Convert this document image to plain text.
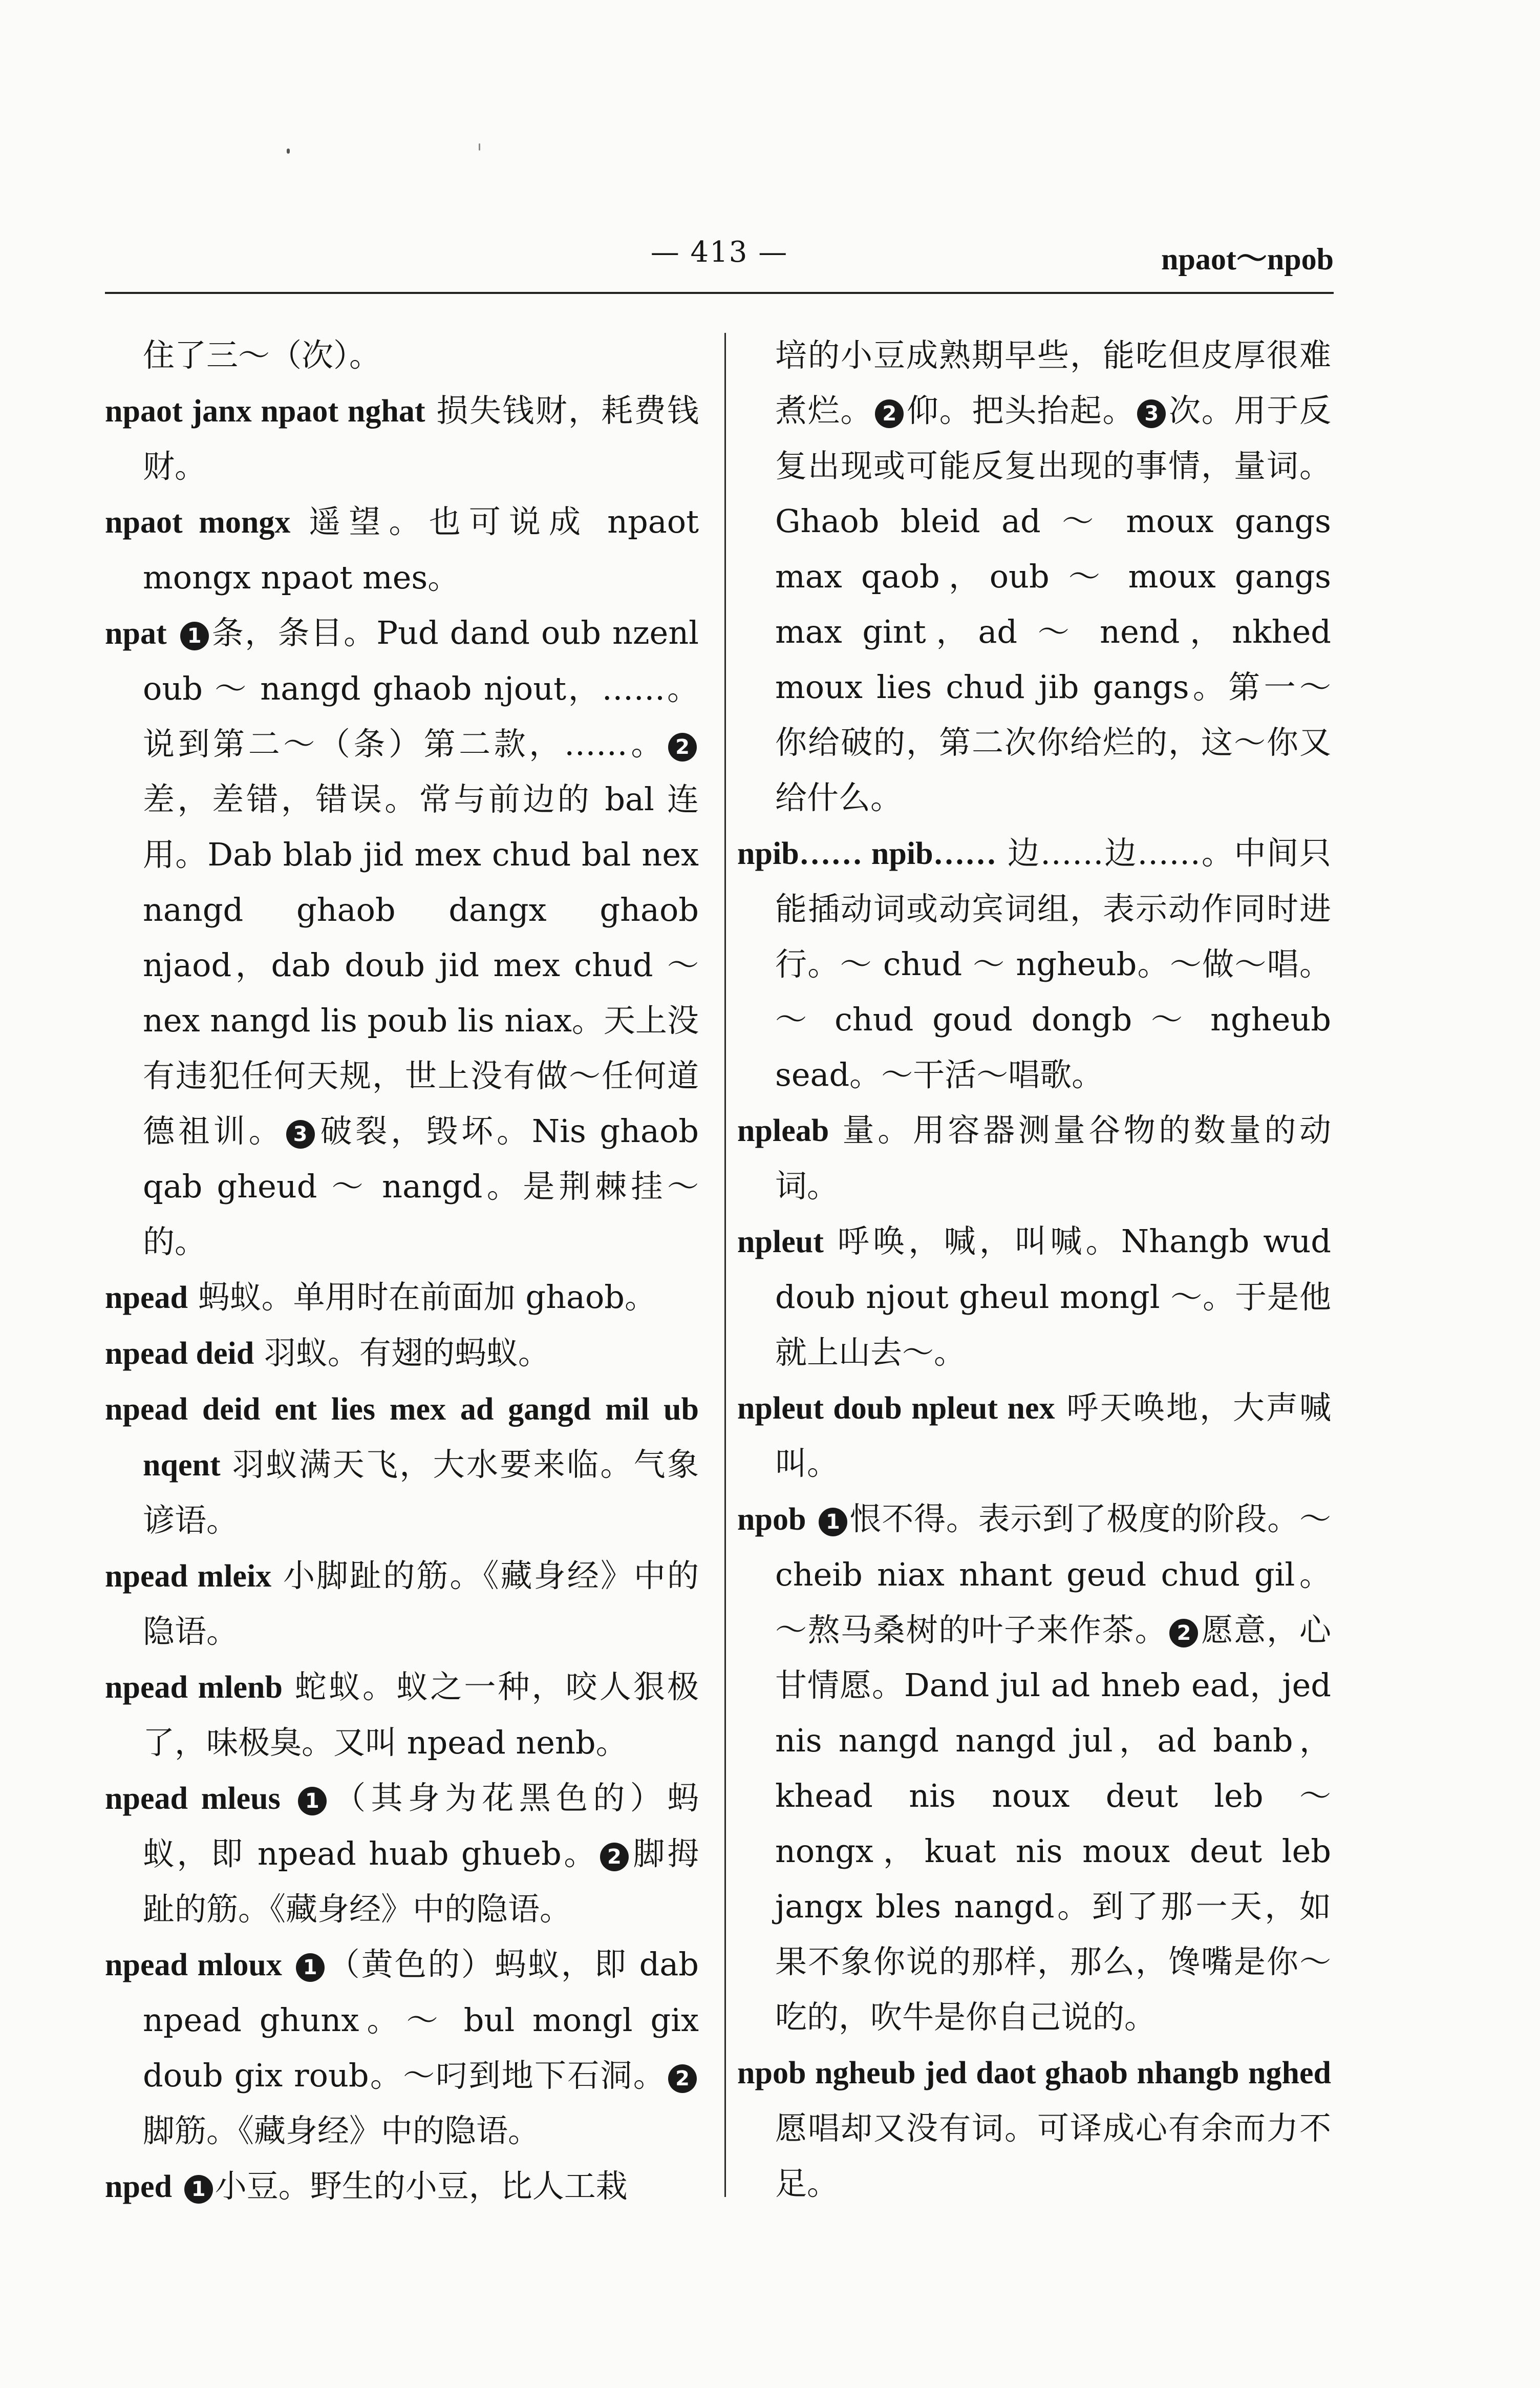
— 413 —	npaot～npob

住了三～（次）。

npaot janx npaot nghat 损失钱财，耗费钱财。

npaot mongx 遥望。也可说成 npaot mongx npaot mes。

npat 1 条，条目。Pud dand oub nzenl oub ～ nangd ghaob njout，……。说到第二～（条）第二款，……。 2差，差错，错误。常与前边的 bal 连用。Dab blab jid mex chud bal nex nangd ghaob dangx ghaob njaod，dab doub jid mex chud ～ nex nangd lis poub lis niax。天上没有违犯任何天规，世上没有做～任何道德祖训。 3 破裂，毁坏。Nis ghaob qab gheud ～ nangd。是荆棘挂～的。

npead 蚂蚁。单用时在前面加 ghaob。

npead deid 羽蚁。有翅的蚂蚁。

npead deid ent lies mex ad gangd mil ub nqent 羽蚁满天飞，大水要来临。气象谚语。

npead mleix 小脚趾的筋。《藏身经》中的隐语。

npead mlenb 蛇蚁。蚁之一种，咬人狠极了，味极臭。又叫 npead nenb。

npead mleus 1 （其身为花黑色的）蚂蚁，即 npead huab ghueb。 2 脚拇趾的筋。《藏身经》中的隐语。

npead mloux 1 （黄色的）蚂蚁，即 dab npead ghunx。～ bul mongl gix doub gix roub。～叼到地下石洞。 2脚筋。《藏身经》中的隐语。

nped 1 小豆。野生的小豆，比人工栽

培的小豆成熟期早些，能吃但皮厚很难煮烂。 2 仰。把头抬起。 3 次。用于反复出现或可能反复出现的事情，量词。Ghaob bleid ad ～ moux gangs max qaob，oub ～ moux gangs max gint，ad ～ nend，nkhed moux lies chud jib gangs。第一～你给破的，第二次你给烂的，这～你又给什么。

npib…… npib…… 边……边……。中间只能插动词或动宾词组，表示动作同时进行。～ chud ～ ngheub。～做～唱。～ chud goud dongb ～ ngheub sead。～干活～唱歌。

npleab 量。用容器测量谷物的数量的动词。

npleut 呼唤，喊，叫喊。Nhangb wud doub njout gheul mongl ～。于是他就上山去～。

npleut doub npleut nex 呼天唤地，大声喊叫。

npob 1 恨不得。表示到了极度的阶段。～ cheib niax nhant geud chud gil。～熬马桑树的叶子来作茶。 2 愿意，心甘情愿。Dand jul ad hneb ead，jed nis nangd nangd jul，ad banb，khead nis noux deut leb ～ nongx，kuat nis moux deut leb jangx bles nangd。到了那一天，如果不象你说的那样，那么，馋嘴是你～吃的，吹牛是你自己说的。

npob ngheub jed daot ghaob nhangb nghed 愿唱却又没有词。可译成心有余而力不足。
